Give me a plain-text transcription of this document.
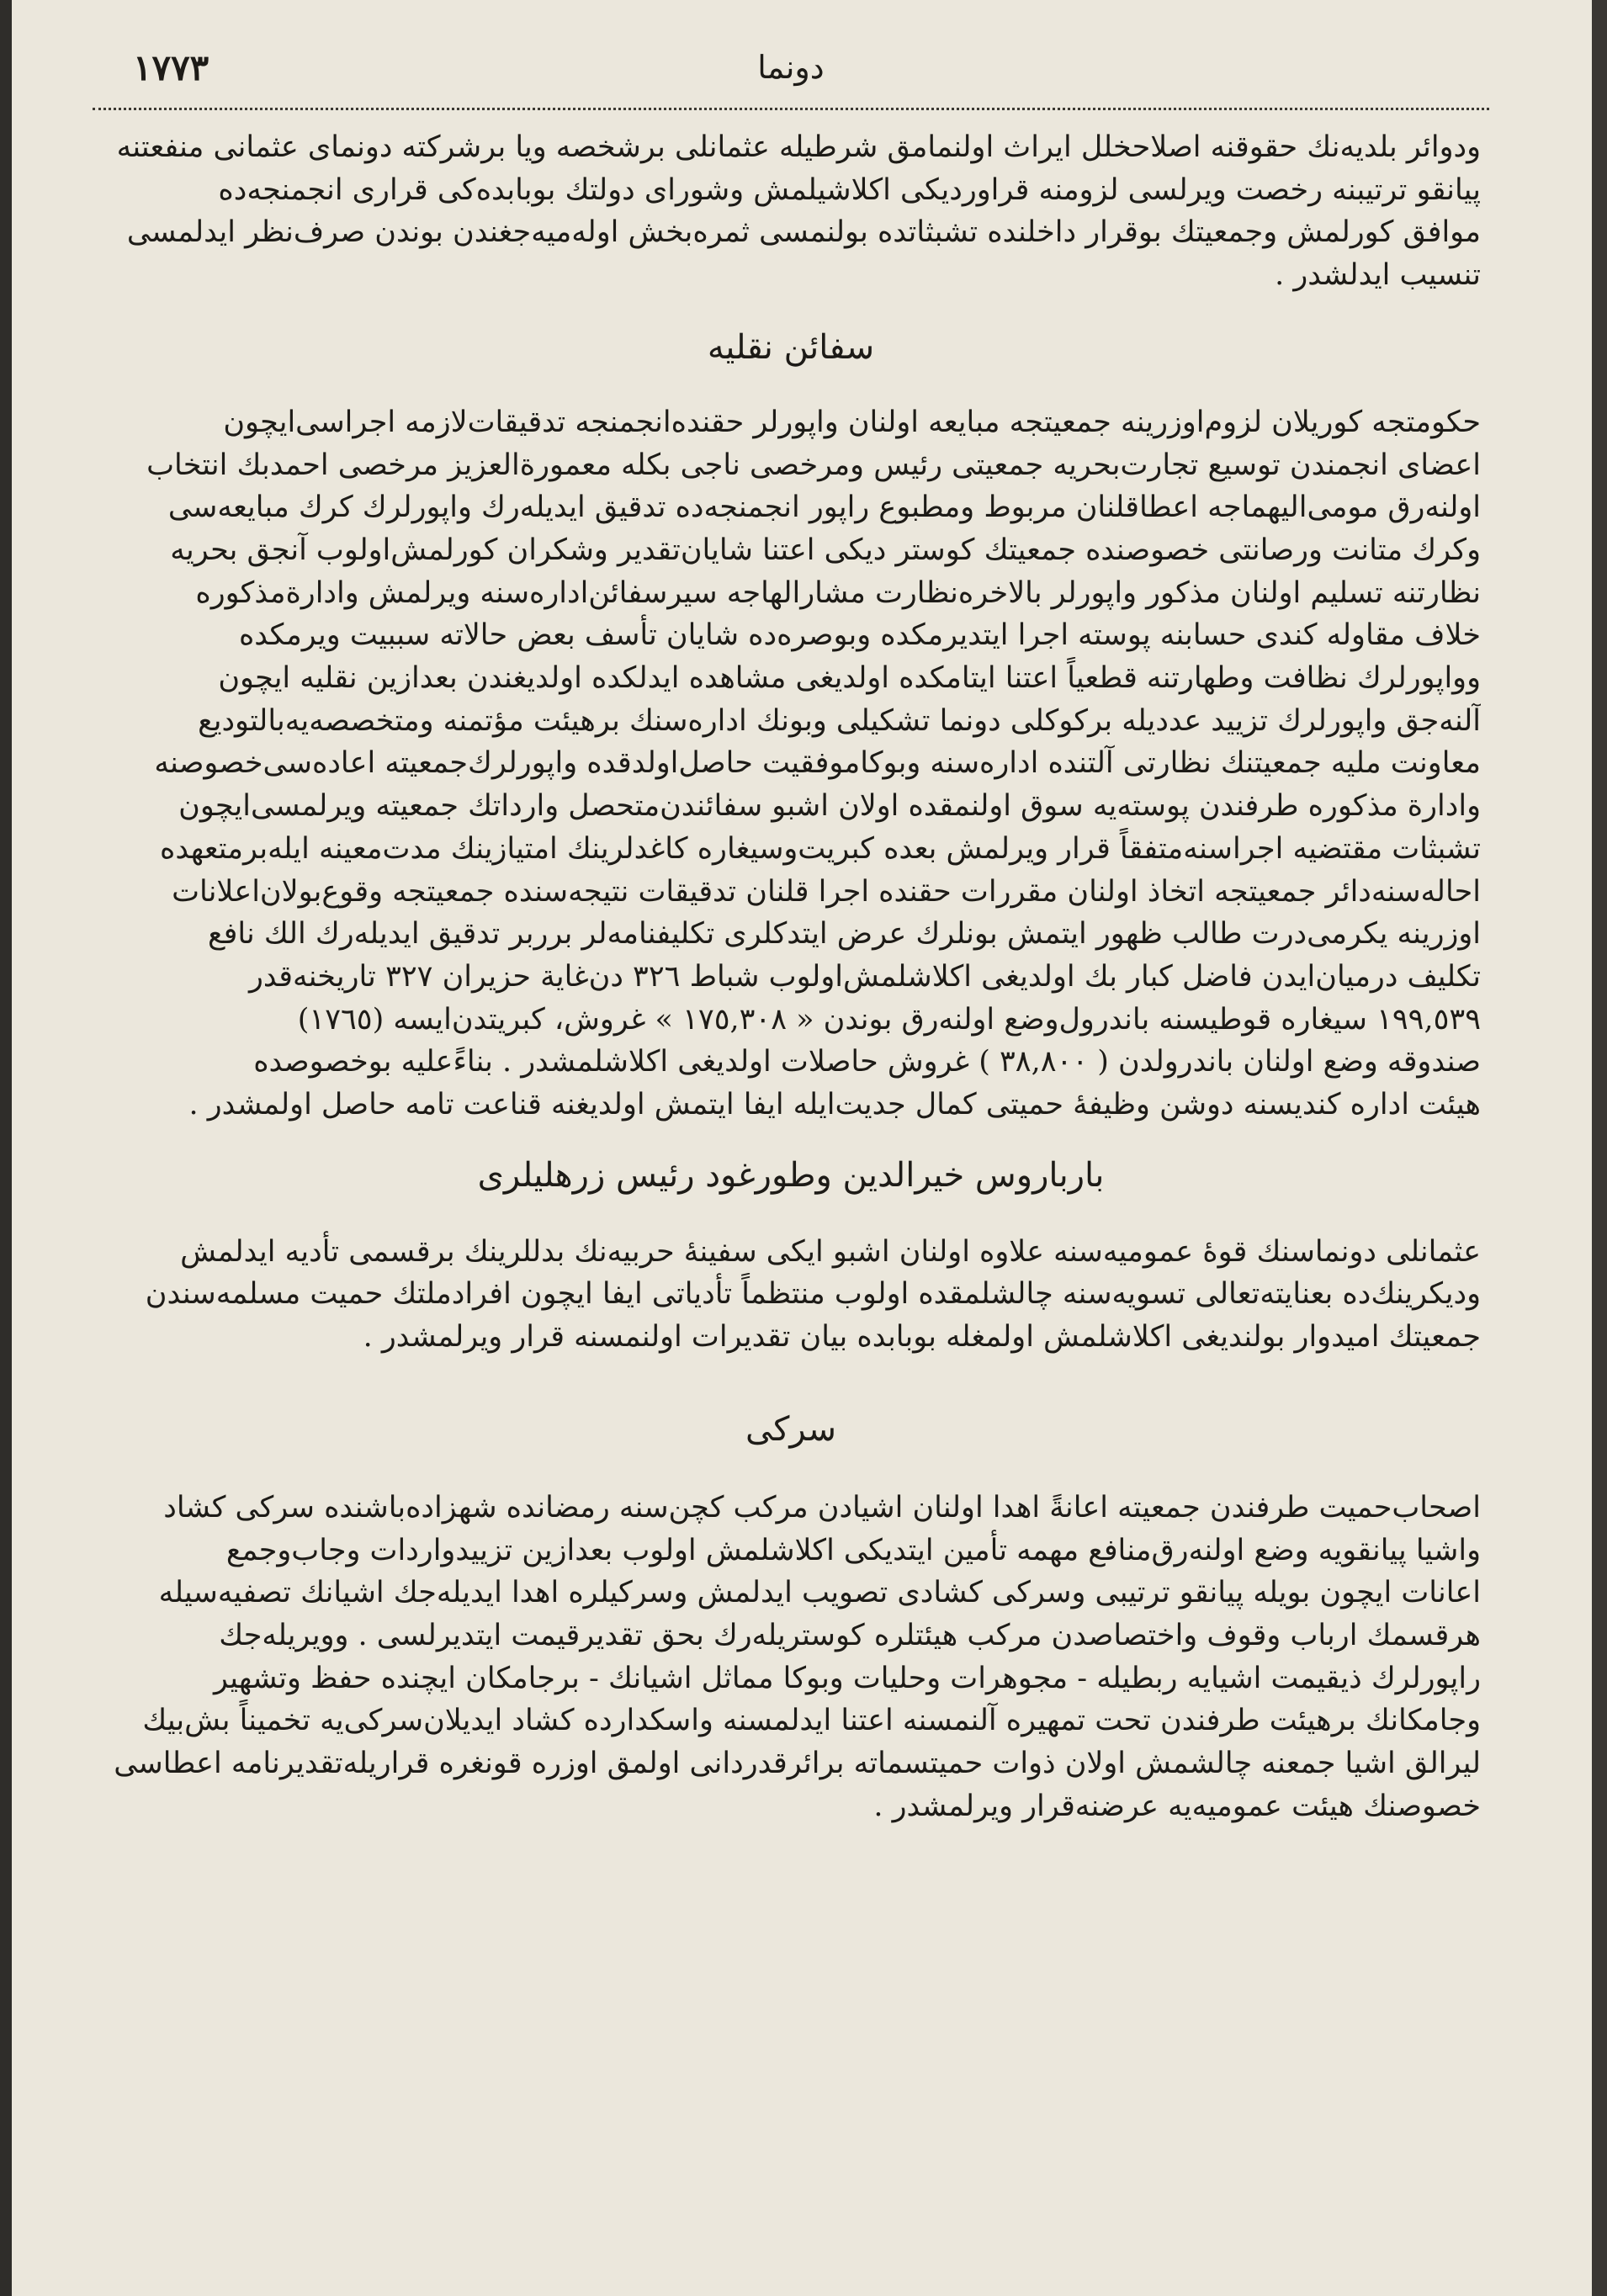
١٧٧٣	دونما

ودوائر بلديه‌نك حقوقنه اصلاحخلل ايراث اولنمامق شرطيله عثمانلى برشخصه ويا برشركته دونماى عثمانى منفعتنه
پيانقو ترتيبنه رخصت ويرلسى لزومنه قراورديكى اكلاشيلمش وشوراى دولتك بوبابده‌كى قرارى انجمنجه‌ده
موافق كورلمش وجمعيتك بوقرار داخلنده تشبثاتده بولنمسى ثمره‌بخش اوله‌ميه‌جغندن بوندن صرف‌نظر ايدلمسى
تنسيب ايدلشدر .

سفائن نقليه

حكومتجه كوريلان لزوم‌اوزرينه جمعيتجه مبايعه اولنان واپورلر حقنده‌انجمنجه تدقيقات‌لازمه اجراسى‌ايچون
اعضاى انجمندن توسيع تجارت‌بحريه جمعيتى رئيس ومرخصى ناجى بكله معمورة‌العزيز مرخصى احمدبك انتخاب
اولنه‌رق مومى‌اليهماجه اعطاقلنان مربوط ومطبوع راپور انجمنجه‌ده تدقيق ايديله‌رك واپورلرك كرك مبايعه‌سى
وكرك متانت ورصانتى خصوصنده جمعيتك كوستر ديكى اعتنا شايان‌تقدير وشكران كورلمش‌اولوب آنجق بحريه
نظارتنه تسليم اولنان مذكور واپورلر بالاخره‌نظارت مشارالهاجه سيرسفائن‌اداره‌سنه ويرلمش وادارة‌مذكوره
خلاف مقاوله كندى حسابنه پوسته اجرا ايتديرمكده وبوصره‌ده شايان تأسف بعض حالاته سببيت ويرمكده
وواپورلرك نظافت وطهارتنه قطعياً اعتنا ايتامكده اولديغى مشاهده ايدلكده اولديغندن بعدازين نقليه ايچون
آلنه‌جق واپورلرك تزييد عدديله بركوكلى دونما تشكيلى وبونك اداره‌سنك برهيئت مؤتمنه ومتخصصه‌يه‌بالتوديع
معاونت مليه جمعيتنك نظارتى آلتنده اداره‌سنه وبوكاموفقيت حاصل‌اولدقده واپورلرك‌جمعيته اعاده‌سى‌خصوصنه
وادارة مذكوره طرفندن پوسته‌يه سوق اولنمقده اولان اشبو سفائندن‌متحصل وارداتك جمعيته ويرلمسى‌ايچون
تشبثات مقتضيه اجراسنه‌متفقاً قرار ويرلمش بعده كبريت‌وسيغاره كاغدلرينك امتيازينك مدت‌معينه ايله‌برمتعهده
احاله‌سنه‌دائر جمعيتجه اتخاذ اولنان مقررات حقنده اجرا قلنان تدقيقات نتيجه‌سنده جمعيتجه وقوع‌بولان‌اعلانات
اوزرينه يكرمى‌درت طالب ظهور ايتمش بونلرك عرض ايتدكلرى تكليفنامه‌لر برربر تدقيق ايديله‌رك الك نافع
تكليف درميان‌ايدن فاضل كبار بك اولديغى اكلاشلمش‌اولوب شباط ٣٢٦ دن‌غاية حزيران ٣٢٧ تاريخنه‌قدر
١٩٩,٥٣٩ سيغاره قوطيسنه باندرول‌وضع اولنه‌رق بوندن « ١٧٥,٣٠٨ » غروش، كبريتدن‌ايسه (١٧٦٥)
صندوقه وضع اولنان باندرولدن ( ٣٨,٨٠٠ ) غروش حاصلات اولديغى اكلاشلمشدر . بناءً‌عليه بوخصوصده
هيئت اداره كنديسنه دوشن وظيفهٔ حميتى كمال جديت‌ايله ايفا ايتمش اولديغنه قناعت تامه حاصل اولمشدر .

باربارو‌س خيرالدين وطورغود رئيس زرهليلرى

عثمانلى دونماسنك قوهٔ عموميه‌سنه علاوه اولنان اشبو ايكى سفينهٔ حربيه‌نك بدللرينك برقسمى تأديه ايدلمش
وديكرينك‌ده بعنايته‌تعالى تسويه‌سنه چالشلمقده اولوب منتظماً تأدياتى ايفا ايچون افرادملتك حميت مسلمه‌سندن
جمعيتك اميدوار بولنديغى اكلاشلمش اولمغله بوبابده بيان تقديرات اولنمسنه قرار ويرلمشدر .

سركى

اصحاب‌حميت طرفندن جمعيته اعانةً اهدا اولنان اشيادن مركب كچن‌سنه رمضانده شهزاده‌باشنده سركى كشاد
واشيا پيانقويه وضع اولنه‌رق‌منافع مهمه تأمين ايتديكى اكلاشلمش اولوب بعدازين تزييدواردات وجاب‌وجمع
اعانات ايچون بويله پيانقو ترتيبى وسركى كشادى تصويب ايدلمش وسركيلره اهدا ايديله‌جك اشيانك تصفيه‌سيله
هرقسمك ارباب وقوف واختصاصدن مركب هيئتلره كوستريله‌رك بحق تقديرقيمت ايتديرلسى . وويريله‌جك
راپورلرك ذيقيمت اشيايه ربطيله - مجوهرات وحليات وبوكا مماثل اشيانك - برجامكان ايچنده حفظ وتشهير
وجامكانك برهيئت طرفندن تحت تمهيره آلنمسنه اعتنا ايدلمسنه واسكدارده كشاد ايديلان‌سركى‌يه تخميناً بش‌بيك
ليرالق اشيا جمعنه چالشمش اولان ذوات حميتسماته برائرقدردانى اولمق اوزره قونغره قراريله‌تقديرنامه اعطاسى
خصوصنك هيئت عموميه‌يه عرضنه‌قرار ويرلمشدر .
